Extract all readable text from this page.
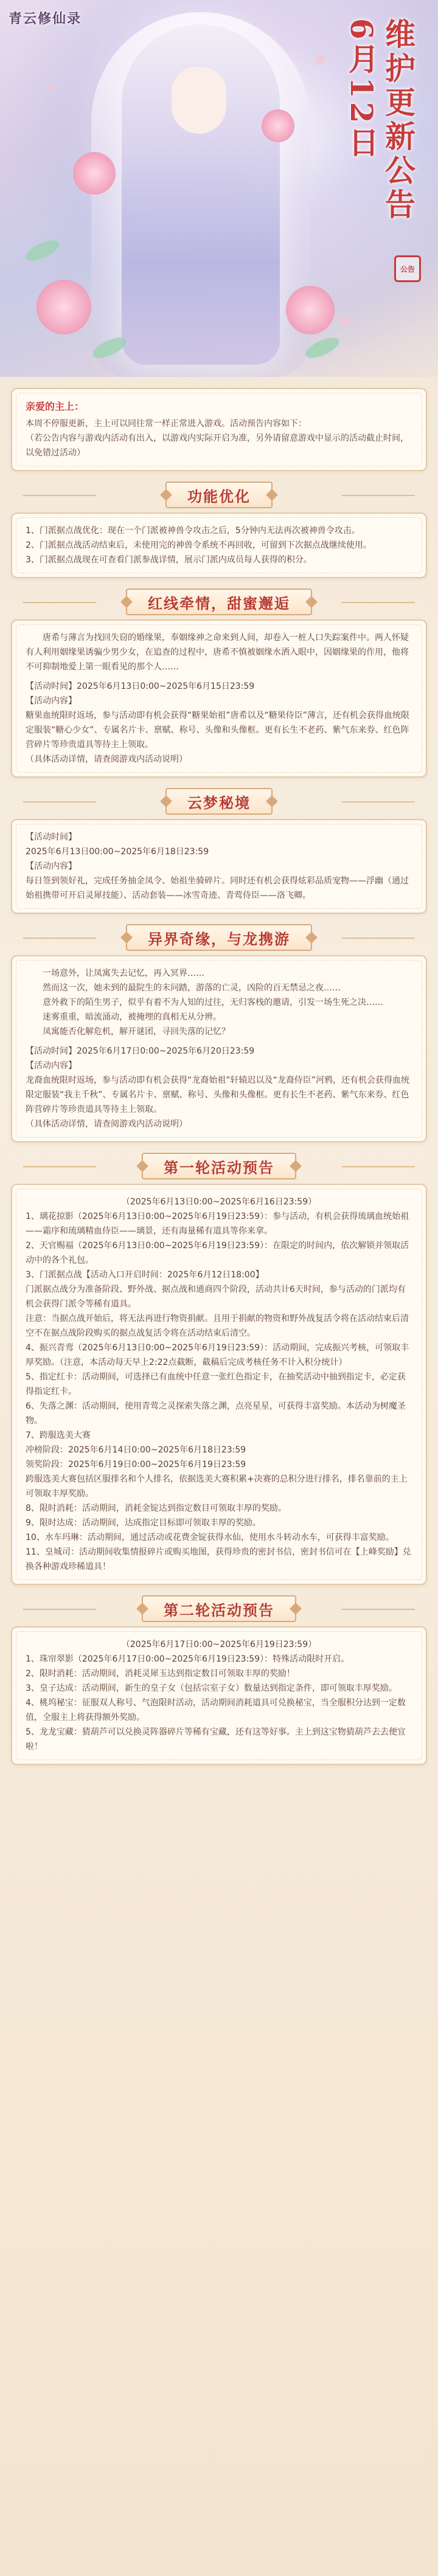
青云修仙录	维护更新公告
6月12日
公告
亲爱的主上：

本周不停服更新，主上可以同往常一样正常进入游戏。活动预告内容如下：

（若公告内容与游戏内活动有出入，以游戏内实际开启为准，另外请留意游戏中显示的活动截止时间，以免错过活动）

功能优化

1、门派据点战优化：现在一个门派被神兽令攻击之后，5分钟内无法再次被神兽令攻击。

2、门派据点战活动结束后，未使用完的神兽令系统不再回收，可留到下次据点战继续使用。

3、门派据点战现在可查看门派参战详情，展示门派内成员每人获得的积分。

红线牵情，甜蜜邂逅

唐希与薄言为找回失窃的婚缘果，奉姻缘神之命来到人间，却卷入一桩人口失踪案件中。两人怀疑有人利用姻缘果诱骗少男少女，在追查的过程中，唐希不慎被姻缘水洒入眼中，因姻缘果的作用，他将不可抑制地爱上第一眼看见的那个人……

【活动时间】2025年6月13日0:00~2025年6月15日23:59

【活动内容】

糖果血统限时返场，参与活动即有机会获得“糖果始祖”唐希以及“糖果侍臣”薄言，还有机会获得血统限定服装“糖心少女”、专属名片卡、禀赋、称号、头像和头像框。更有长生不老药、紫气东来券、红色阵营碎片等珍贵道具等待主上领取。

（具体活动详情，请查阅游戏内活动说明）

云梦秘境

【活动时间】

2025年6月13日00:00~2025年6月18日23:59

【活动内容】

每日签到领好礼，完成任务抽金凤令、始祖坐骑碎片。同时还有机会获得炫彩品质宠物——浮幽（通过始祖携带可开启灵犀技能）、活动套装——冰雪奇迹、青莺侍臣——洛飞卿。

异界奇缘，与龙携游

一场意外，让凤寓失去记忆，再入冥界……

然而这一次，她未到的最院生的末问踏，游落的亡灵，凶险的百无禁忌之夜……

意外救下的陌生男子，似乎有着不为人知的过往，无归客栈的邀请，引发一场生死之决……

迷雾重重，暗流涌动，被掩埋的真相无从分辨。

凤寓能否化解危机，解开谜团，寻回失落的记忆？

【活动时间】2025年6月17日0:00~2025年6月20日23:59

【活动内容】

龙裔血统限时返场，参与活动即有机会获得“龙裔始祖”轩辕迟以及“龙裔侍臣”河鸦，还有机会获得血统限定服装“我主千秋”、专属名片卡、禀赋、称号、头像和头像框。更有长生不老药、紫气东来券、红色阵营碎片等珍贵道具等待主上领取。

（具体活动详情，请查阅游戏内活动说明）

第一轮活动预告

（2025年6月13日0:00~2025年6月16日23:59）

1、璃花掠影（2025年6月13日0:00~2025年6月19日23:59）：参与活动，有机会获得琉璃血统始祖——霜序和琉璃精血侍臣——璃景，还有海量稀有道具等你来拿。

2、天官赐福（2025年6月13日0:00~2025年6月19日23:59）：在限定的时间内，依次解锁并领取活动中的各个礼包。

3、门派据点战【活动入口开启时间：2025年6月12日18:00】

门派据点战分为准备阶段、野外战、据点战和通商四个阶段，活动共计6天时间，参与活动的门派均有机会获得门派令等稀有道具。

注意：当据点战开始后，将无法再进行物资捐献。且用于捐献的物资和野外战复活令将在活动结束后清空不在据点战阶段购买的据点战复活令将在活动结束后清空。

4、振兴青鸾（2025年6月13日0:00~2025年6月19日23:59）：活动期间，完成振兴考核，可领取丰厚奖励。（注意，本活动每天早上2:22点截断，截稿后完成考核任务不计入积分统计）

5、指定红卡：活动期间，可选择已有血统中任意一张红色指定卡，在抽奖活动中抽到指定卡，必定获得指定红卡。

6、失落之渊：活动期间，使用青莺之灵探索失落之渊，点亮星星，可获得丰富奖励。本活动为树魔圣物。

7、跨服选美大赛

冲榜阶段：2025年6月14日0:00~2025年6月18日23:59

领奖阶段：2025年6月19日0:00~2025年6月19日23:59

跨服选美大赛包括区服排名和个人排名，依据选美大赛积累+决赛的总积分进行排名，排名靠前的主上可领取丰厚奖励。

8、限时消耗：活动期间，消耗金锭达到指定数目可领取丰厚的奖励。

9、限时达成：活动期间，达成指定目标即可领取丰厚的奖励。

10、水车玛琳：活动期间，通过活动或花费金锭获得水仙，使用水斗转动水车，可获得丰富奖励。

11、皇城司：活动期间收集情报碎片或购买地图，获得珍贵的密封书信，密封书信可在【上峰奖励】兑换各种游戏珍稀道具！

第二轮活动预告

（2025年6月17日0:00~2025年6月19日23:59）

1、珠帘翠影（2025年6月17日0:00~2025年6月19日23:59）：特殊活动限时开启。

2、限时消耗：活动期间，消耗灵犀玉达到指定数目可领取丰厚的奖励！

3、皇子达成：活动期间，新生的皇子女（包括宗室子女）数量达到指定条件，即可领取丰厚奖励。

4、桃坞秘宝：征服双人称号、气泡限时活动，活动期间消耗道具可兑换秘宝，当全服积分达到一定数值，全服主上将获得额外奖励。

5、龙龙宝藏：猜葫芦可以兑换灵阵器碎片等稀有宝藏，还有这等好事。主上到这宝物猜葫芦去去便宜啦！
